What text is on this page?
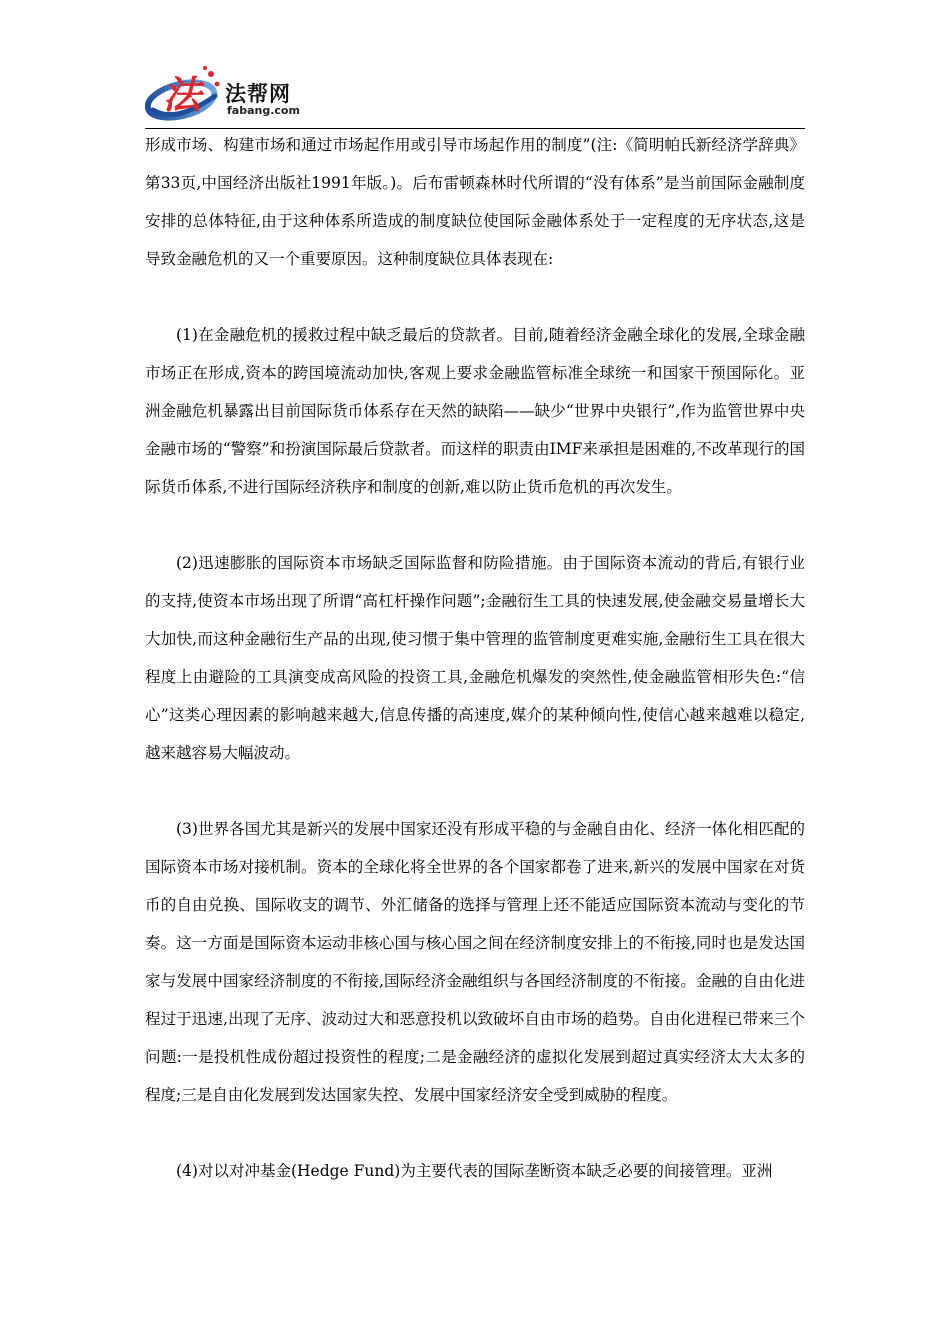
法 法帮网
fabang.com

形成市场、构建市场和通过市场起作用或引导市场起作用的制度”(注:《简明帕氏新经济学辞典》第33页,中国经济出版社1991年版。)。后布雷顿森林时代所谓的“没有体系”是当前国际金融制度安排的总体特征,由于这种体系所造成的制度缺位使国际金融体系处于一定程度的无序状态,这是导致金融危机的又一个重要原因。这种制度缺位具体表现在:

(1)在金融危机的援救过程中缺乏最后的贷款者。目前,随着经济金融全球化的发展,全球金融市场正在形成,资本的跨国境流动加快,客观上要求金融监管标准全球统一和国家干预国际化。亚洲金融危机暴露出目前国际货币体系存在天然的缺陷——缺少“世界中央银行”,作为监管世界中央金融市场的“警察”和扮演国际最后贷款者。而这样的职责由IMF来承担是困难的,不改革现行的国际货币体系,不进行国际经济秩序和制度的创新,难以防止货币危机的再次发生。

(2)迅速膨胀的国际资本市场缺乏国际监督和防险措施。由于国际资本流动的背后,有银行业的支持,使资本市场出现了所谓“高杠杆操作问题”;金融衍生工具的快速发展,使金融交易量增长大大加快,而这种金融衍生产品的出现,使习惯于集中管理的监管制度更难实施,金融衍生工具在很大程度上由避险的工具演变成高风险的投资工具,金融危机爆发的突然性,使金融监管相形失色:“信心”这类心理因素的影响越来越大,信息传播的高速度,媒介的某种倾向性,使信心越来越难以稳定,越来越容易大幅波动。

(3)世界各国尤其是新兴的发展中国家还没有形成平稳的与金融自由化、经济一体化相匹配的国际资本市场对接机制。资本的全球化将全世界的各个国家都卷了进来,新兴的发展中国家在对货币的自由兑换、国际收支的调节、外汇储备的选择与管理上还不能适应国际资本流动与变化的节奏。这一方面是国际资本运动非核心国与核心国之间在经济制度安排上的不衔接,同时也是发达国家与发展中国家经济制度的不衔接,国际经济金融组织与各国经济制度的不衔接。金融的自由化进程过于迅速,出现了无序、波动过大和恶意投机以致破坏自由市场的趋势。自由化进程已带来三个问题:一是投机性成份超过投资性的程度;二是金融经济的虚拟化发展到超过真实经济太大太多的程度;三是自由化发展到发达国家失控、发展中国家经济安全受到威胁的程度。

(4)对以对冲基金(Hedge Fund)为主要代表的国际垄断资本缺乏必要的间接管理。亚洲
